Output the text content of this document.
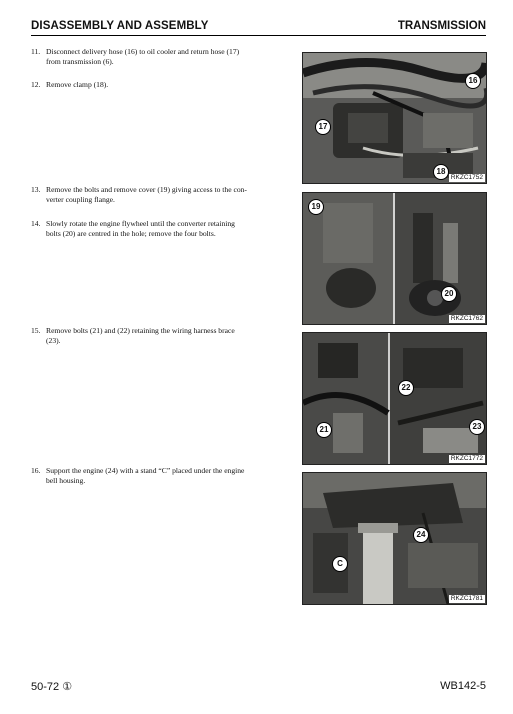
DISASSEMBLY AND ASSEMBLY	TRANSMISSION
11. Disconnect delivery hose (16) to oil cooler and return hose (17)
from transmission (6).
12. Remove clamp (18).
13. Remove the bolts and remove cover (19) giving access to the con-
verter coupling flange.
14. Slowly rotate the engine flywheel until the converter retaining
bolts (20) are centred in the hole; remove the four bolts.
15. Remove bolts (21) and (22) retaining the wiring harness brace
(23).
16. Support the engine (24) with a stand “C” placed under the engine
bell housing.
16
17
18
RKZC1752
19
20
RKZC1762
21
22
23
RKZC1772
24
C
RKZC1781
50-72 ①	WB142-5
